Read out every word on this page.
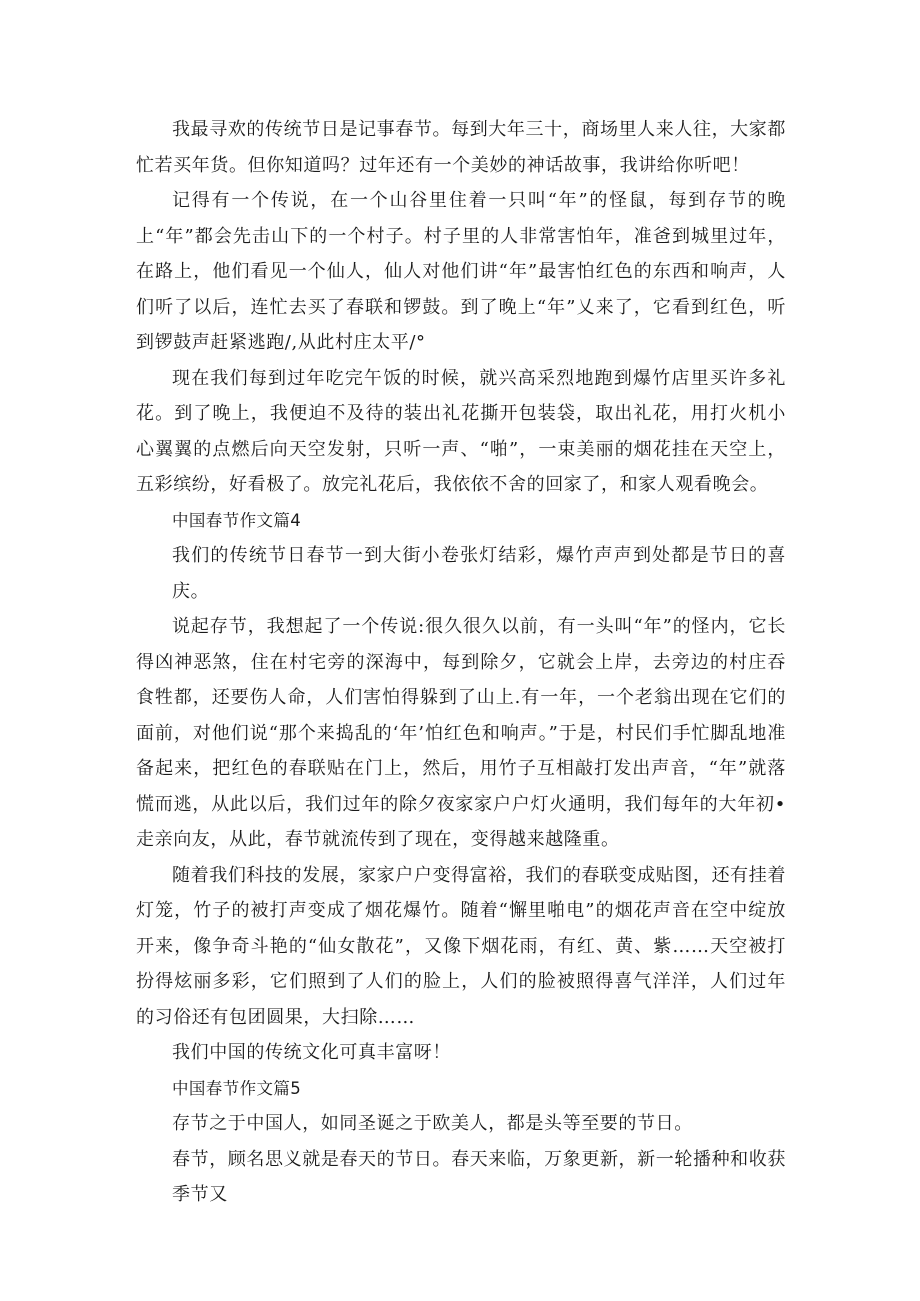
我最寻欢的传统节日是记事春节。每到大年三十，商场里人来人往，大家都忙若买年货。但你知道吗？过年还有一个美妙的神话故事，我讲给你听吧！

记得有一个传说，在一个山谷里住着一只叫“年”的怪鼠，每到存节的晚上“年”都会先击山下的一个村子。村子里的人非常害怕年，准爸到城里过年，在路上，他们看见一个仙人，仙人对他们讲“年”最害怕红色的东西和响声，人们听了以后，连忙去买了春联和锣鼓。到了晚上“年”乂来了，它看到红色，听到锣鼓声赶紧逃跑/,从此村庄太平/°

现在我们每到过年吃完午饭的时候，就兴高采烈地跑到爆竹店里买许多礼花。到了晚上，我便迫不及待的装出礼花撕开包装袋，取出礼花，用打火机小心翼翼的点燃后向天空发射，只听一声、“啪”，一束美丽的烟花挂在天空上，五彩缤纷，好看极了。放完礼花后，我依依不舍的回家了，和家人观看晚会。

中国春节作文篇4

我们的传统节日春节一到大街小卷张灯结彩，爆竹声声到处都是节日的喜庆。

说起存节，我想起了一个传说:很久很久以前，有一头叫“年”的怪内，它长得凶神恶煞，住在村宅旁的深海中，每到除夕，它就会上岸，去旁边的村庄吞食牲都，还要伤人命，人们害怕得躲到了山上.有一年，一个老翁出现在它们的面前，对他们说“那个来捣乱的‘年’怕红色和响声。”于是，村民们手忙脚乱地准备起来，把红色的春联贴在门上，然后，用竹子互相敲打发出声音，“年”就落慌而逃，从此以后，我们过年的除夕夜家家户户灯火通明，我们每年的大年初•走亲向友，从此，春节就流传到了现在，变得越来越隆重。

随着我们科技的发展，家家户户变得富裕，我们的春联变成贴图，还有挂着灯笼，竹子的被打声变成了烟花爆竹。随着“懈里啪电”的烟花声音在空中绽放开来，像争奇斗艳的“仙女散花”，又像下烟花雨，有红、黄、紫……天空被打扮得炫丽多彩，它们照到了人们的脸上，人们的脸被照得喜气洋洋，人们过年的习俗还有包团圆果，大扫除……

我们中国的传统文化可真丰富呀！

中国春节作文篇5

存节之于中国人，如同圣诞之于欧美人，都是头等至要的节日。

春节，顾名思义就是春天的节日。春天来临，万象更新，新一轮播种和收获季节又
